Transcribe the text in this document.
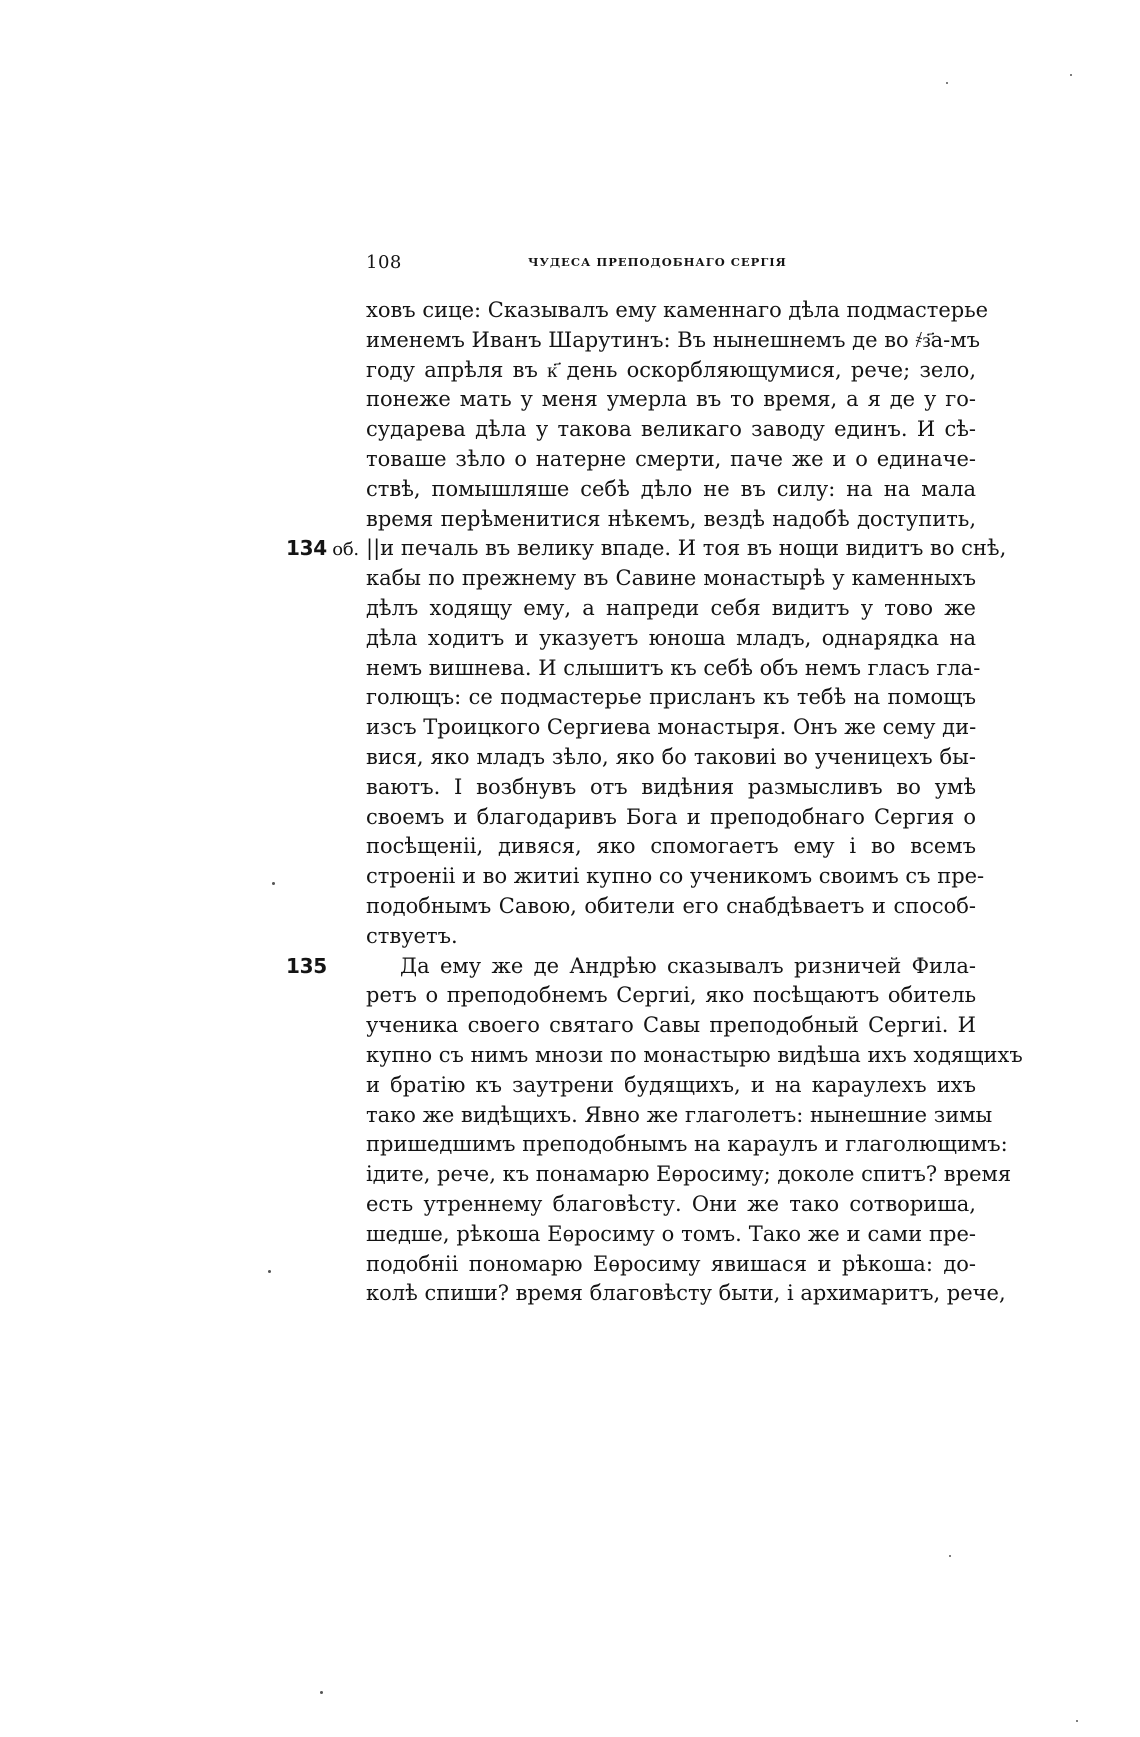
108	ЧУДЕСА ПРЕПОДОБНАГО СЕРГІЯ
ховъ сице: Сказывалъ ему каменнаго дѣла подмастерье
именемъ Иванъ Шарутинъ: Въ нынешнемъ де во ҂з҃а-мъ
году апрѣля въ к҃ день оскорбляющумися, рече; зело,
понеже мать у меня умерла въ то время, а я де у го-
сударева дѣла у такова великаго заводу единъ. И сѣ-
товаше зѣло о натерне смерти, паче же и о единаче-
ствѣ, помышляше себѣ дѣло не въ силу: на на мала
время перѣменитися нѣкемъ, вездѣ надобѣ доступить,
134 об. ||и печаль въ велику впаде. И тоя въ нощи видитъ во снѣ,
кабы по прежнему въ Савине монастырѣ у каменныхъ
дѣлъ ходящу ему, а напреди себя видитъ у тово же
дѣла ходитъ и указуетъ юноша младъ, однарядка на
немъ вишнева. И слышитъ къ себѣ объ немъ гласъ гла-
голющъ: се подмастерье присланъ къ тебѣ на помощъ
изсъ Троицкого Сергиева монастыря. Онъ же сему ди-
вися, яко младъ зѣло, яко бо таковиі во ученицехъ бы-
ваютъ. І возбнувъ отъ видѣния размысливъ во умѣ
своемъ и благодаривъ Бога и преподобнаго Сергия о
посѣщеніі, дивяся, яко спомогаетъ ему і во всемъ
строеніі и во житиі купно со ученикомъ своимъ съ пре-
подобнымъ Савою, обители его снабдѣваетъ и способ-
ствуетъ.
135	Да ему же де Андрѣю сказывалъ ризничей Фила-
ретъ о преподобнемъ Сергиі, яко посѣщаютъ обитель
ученика своего святаго Савы преподобный Сергиі. И
купно съ нимъ мнози по монастырю видѣша ихъ ходящихъ
и братію къ заутрени будящихъ, и на караулехъ ихъ
тако же видѣщихъ. Явно же глаголетъ: нынешние зимы
пришедшимъ преподобнымъ на караулъ и глаголющимъ:
ідите, рече, къ понамарю Еѳросиму; доколе спитъ? время
есть утреннему благовѣсту. Они же тако сотвориша,
шедше, рѣкоша Еѳросиму о томъ. Тако же и сами пре-
подобніі пономарю Еѳросиму явишася и рѣкоша: до-
колѣ спиши? время благовѣсту быти, і архимаритъ, рече,
